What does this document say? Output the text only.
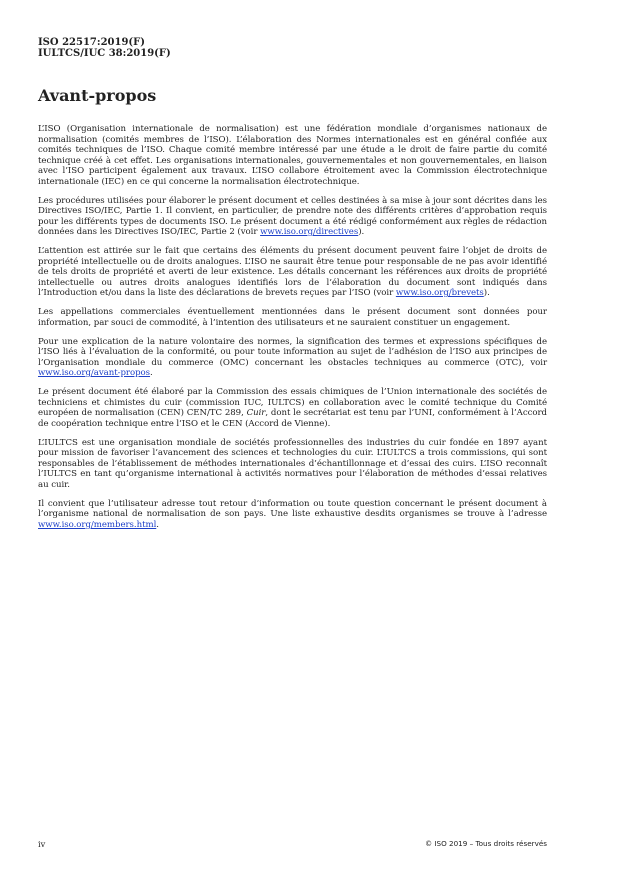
ISO 22517:2019(F)
IULTCS/IUC 38:2019(F)
Avant-propos

L’ISO (Organisation internationale de normalisation) est une fédération mondiale d’organismes nationaux de normalisation (comités membres de l’ISO). L’élaboration des Normes internationales est en général confiée aux comités techniques de l’ISO. Chaque comité membre intéressé par une étude a le droit de faire partie du comité technique créé à cet effet. Les organisations internationales, gouvernementales et non gouvernementales, en liaison avec l’ISO participent également aux travaux. L’ISO collabore étroitement avec la Commission électrotechnique internationale (IEC) en ce qui concerne la normalisation électrotechnique.

Les procédures utilisées pour élaborer le présent document et celles destinées à sa mise à jour sont décrites dans les Directives ISO/IEC, Partie 1. Il convient, en particulier, de prendre note des différents critères d’approbation requis pour les différents types de documents ISO. Le présent document a été rédigé conformément aux règles de rédaction données dans les Directives ISO/IEC, Partie 2 (voir www.iso.org/directives).

L’attention est attirée sur le fait que certains des éléments du présent document peuvent faire l’objet de droits de propriété intellectuelle ou de droits analogues. L’ISO ne saurait être tenue pour responsable de ne pas avoir identifié de tels droits de propriété et averti de leur existence. Les détails concernant les références aux droits de propriété intellectuelle ou autres droits analogues identifiés lors de l’élaboration du document sont indiqués dans l’Introduction et/ou dans la liste des déclarations de brevets reçues par l’ISO (voir www.iso.org/brevets).

Les appellations commerciales éventuellement mentionnées dans le présent document sont données pour information, par souci de commodité, à l’intention des utilisateurs et ne sauraient constituer un engagement.

Pour une explication de la nature volontaire des normes, la signification des termes et expressions spécifiques de l’ISO liés à l’évaluation de la conformité, ou pour toute information au sujet de l’adhésion de l’ISO aux principes de l’Organisation mondiale du commerce (OMC) concernant les obstacles techniques au commerce (OTC), voir www.iso.org/avant-propos.

Le présent document été élaboré par la Commission des essais chimiques de l’Union internationale des sociétés de techniciens et chimistes du cuir (commission IUC, IULTCS) en collaboration avec le comité technique du Comité européen de normalisation (CEN) CEN/TC 289, Cuir, dont le secrétariat est tenu par l’UNI, conformément à l’Accord de coopération technique entre l’ISO et le CEN (Accord de Vienne).

L’IULTCS est une organisation mondiale de sociétés professionnelles des industries du cuir fondée en 1897 ayant pour mission de favoriser l’avancement des sciences et technologies du cuir. L’IULTCS a trois commissions, qui sont responsables de l’établissement de méthodes internationales d’échantillonnage et d’essai des cuirs. L’ISO reconnaît l’IULTCS en tant qu’organisme international à activités normatives pour l’élaboration de méthodes d’essai relatives au cuir.

Il convient que l’utilisateur adresse tout retour d’information ou toute question concernant le présent document à l’organisme national de normalisation de son pays. Une liste exhaustive desdits organismes se trouve à l’adresse www.iso.org/members.html.

iv	© ISO 2019 – Tous droits réservés
